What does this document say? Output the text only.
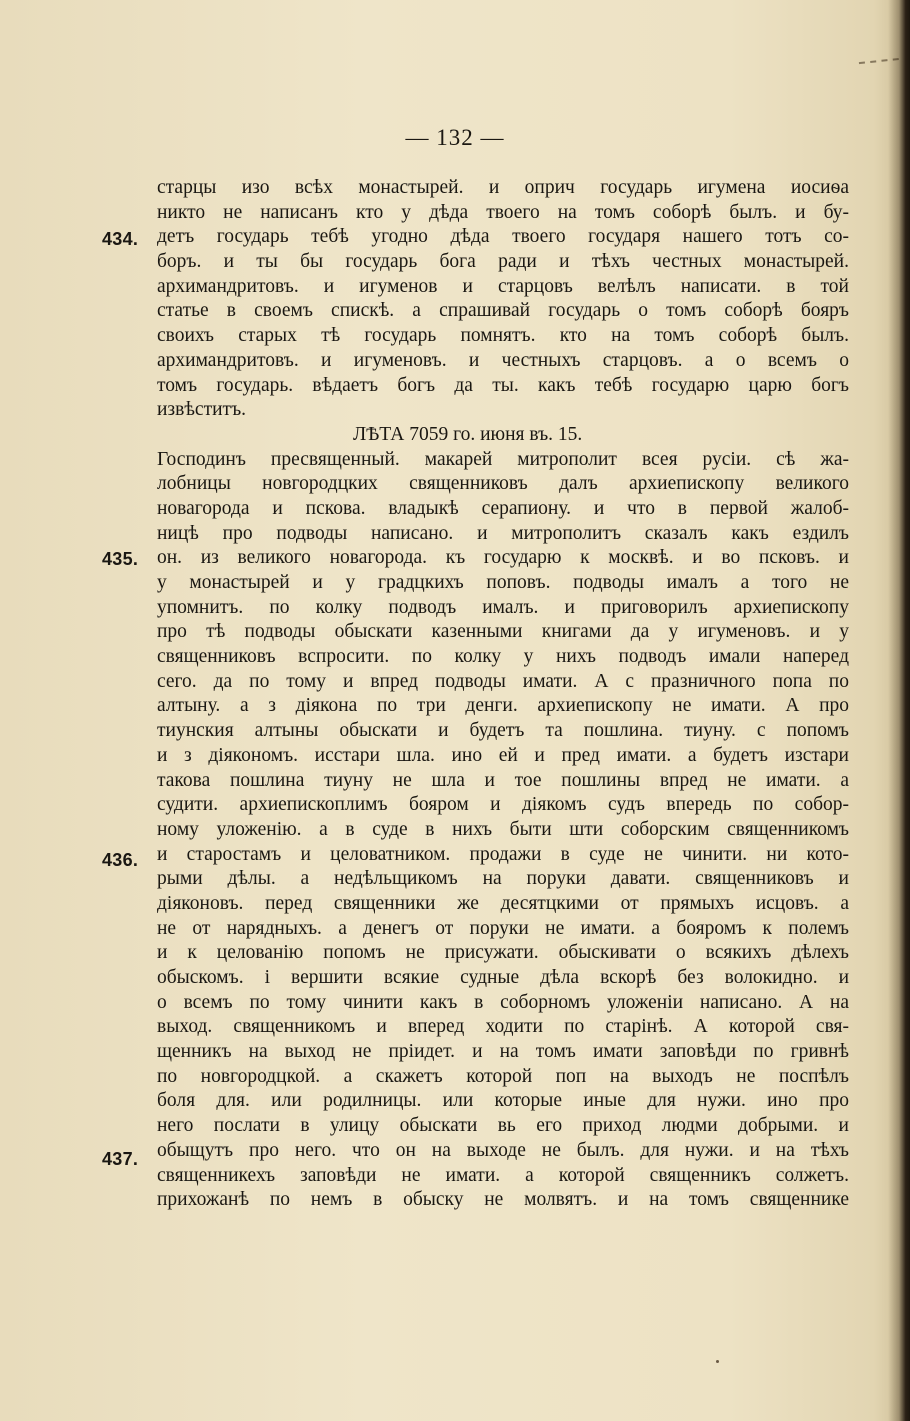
— 132 —
434.
435.
436.
437.
старцы изо всѣх монастырей. и оприч государь игумена иосиѳа
никто не написанъ кто у дѣда твоего на томъ соборѣ былъ. и бу-
детъ государь тебѣ угодно дѣда твоего государя нашего тотъ со-
боръ. и ты бы государь бога ради и тѣхъ честных монастырей.
архимандритовъ. и игуменов и старцовъ велѣлъ написати. в той
статье в своемъ спискѣ. а спрашивай государь о томъ соборѣ бояръ
своихъ старых тѣ государь помнятъ. кто на томъ соборѣ былъ.
архимандритовъ. и игуменовъ. и честныхъ старцовъ. а о всемъ о
томъ государь. вѣдаетъ богъ да ты. какъ тебѣ государю царю богъ
извѣститъ.
ЛѢТА 7059 го. июня въ. 15.
Господинъ пресвященный. макарей митрополит всея русiи. сѣ жа-
лобницы новгородцких священниковъ далъ архиепископу великого
новагорода и пскова. владыкѣ серапиону. и что в первой жалоб-
ницѣ про подводы написано. и митрополитъ сказалъ какъ ездилъ
он. из великого новагорода. къ государю к москвѣ. и во псковъ. и
у монастырей и у градцкихъ поповъ. подводы ималъ а того не
упомнитъ. по колку подводъ ималъ. и приговорилъ архиепископу
про тѣ подводы обыскати казенными книгами да у игуменовъ. и у
священниковъ вспросити. по колку у нихъ подводъ имали наперед
сего. да по тому и впред подводы имати. А с празничного попа по
алтыну. а з дiякона по три денги. архиепископу не имати. А про
тиунския алтыны обыскати и будетъ та пошлина. тиуну. с попомъ
и з дiякономъ. исстари шла. ино ей и пред имати. а будетъ изстари
такова пошлина тиуну не шла и тое пошлины впред не имати. а
судити. архиепископлимъ бояром и дiякомъ судъ впередь по собор-
ному уложенiю. а в суде в нихъ быти шти соборским священникомъ
и старостамъ и целоватником. продажи в суде не чинити. ни кото-
рыми дѣлы. а недѣльщикомъ на поруки давати. священниковъ и
дiяконовъ. перед священники же десятцкими от прямыхъ исцовъ. а
не от нарядныхъ. а денегъ от поруки не имати. а бояромъ к полемъ
и к целованiю попомъ не присужати. обыскивати о всякихъ дѣлехъ
обыскомъ. i вершити всякие судные дѣла вскорѣ без волокидно. и
о всемъ по тому чинити какъ в соборномъ уложенiи написано. А на
выход. священникомъ и вперед ходити по старiнѣ. А которой свя-
щенникъ на выход не прiидет. и на томъ имати заповѣди по гривнѣ
по новгородцкой. а скажетъ которой поп на выходъ не поспѣлъ
боля для. или родилницы. или которые иные для нужи. ино про
него послати в улицу обыскати вь его приход людми добрыми. и
обыщутъ про него. что он на выходе не былъ. для нужи. и на тѣхъ
священникехъ заповѣди не имати. а которой священникъ солжетъ.
прихожанѣ по немъ в обыску не молвятъ. и на томъ священнике
